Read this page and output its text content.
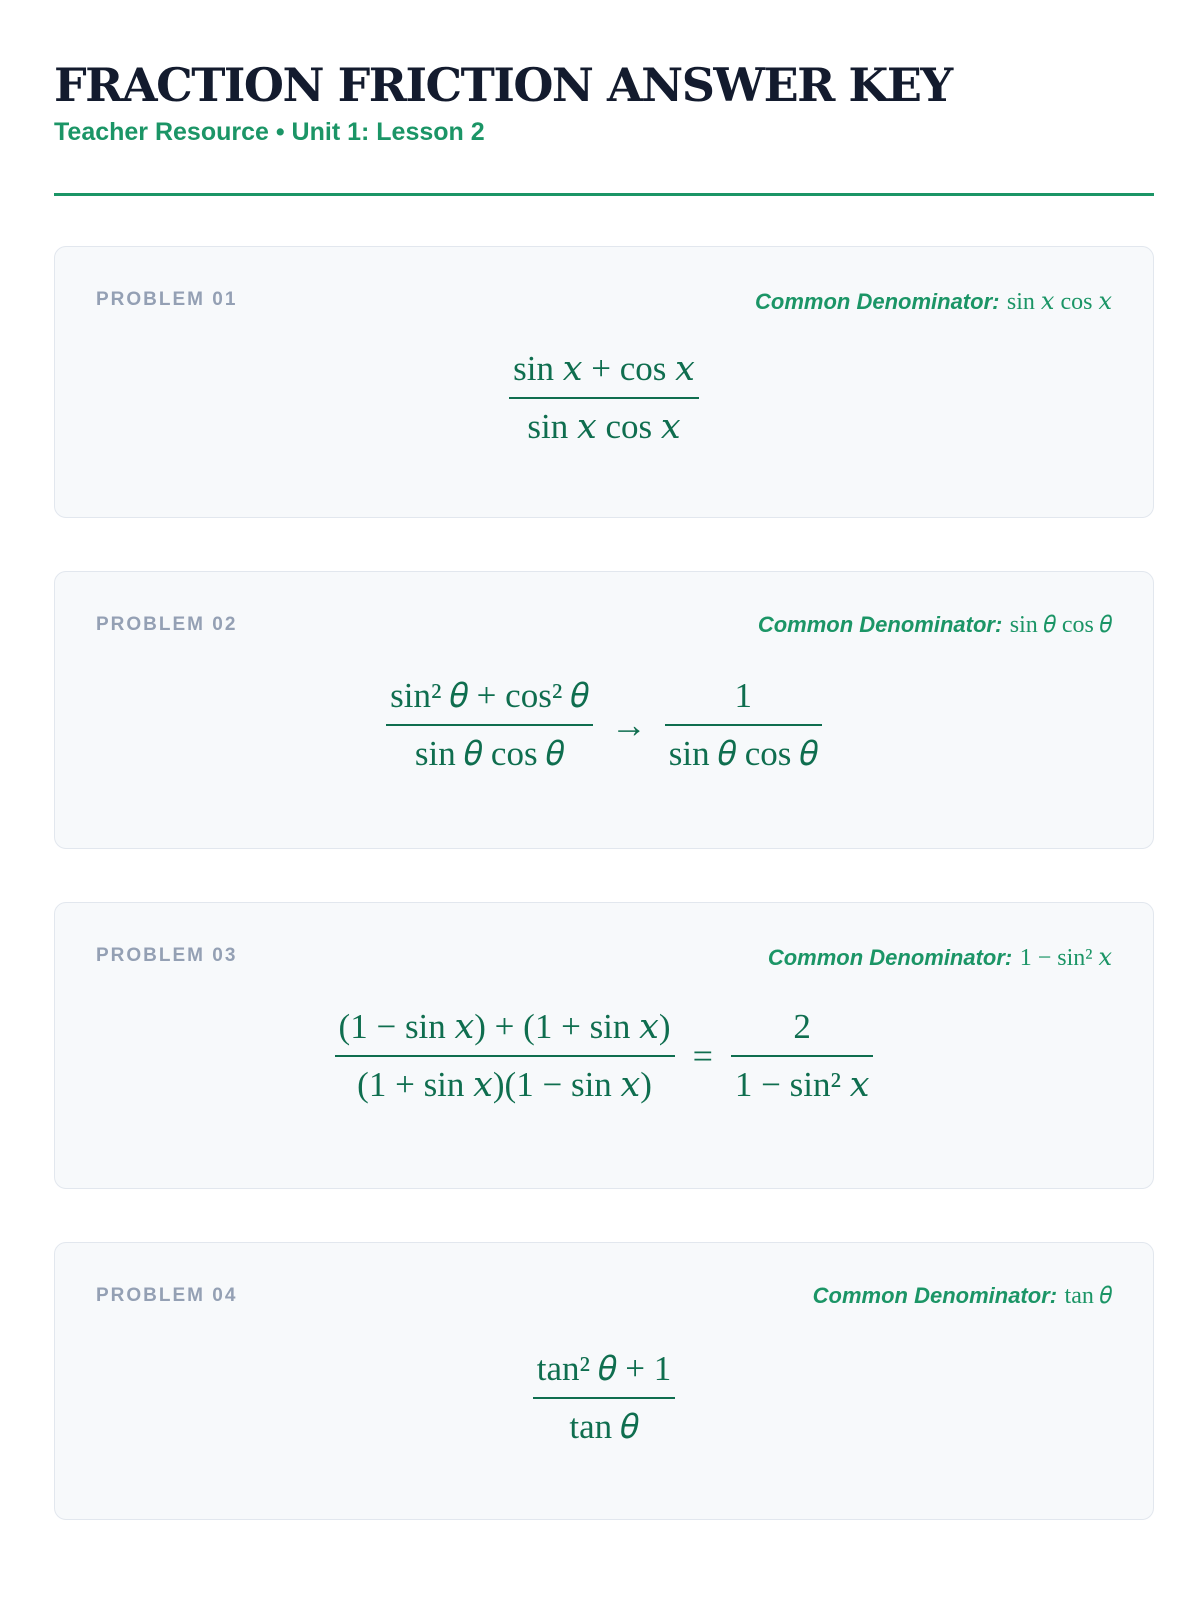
FRACTION FRICTION ANSWER KEY
Teacher Resource • Unit 1: Lesson 2
PROBLEM 01	Common Denominator: sin 𝑥 cos 𝑥
$\frac{\text{sin 𝑥 + cos 𝑥}}{\text{sin 𝑥 cos 𝑥}}$
PROBLEM 02	Common Denominator: sin 𝜃 cos 𝜃
$\frac{\text{sin² 𝜃 + cos² 𝜃}}{\text{sin 𝜃 cos 𝜃}} \to \frac{1}{\text{sin 𝜃 cos 𝜃}}$
PROBLEM 03	Common Denominator: 1 − sin² 𝑥
$\frac{\text{(1 − sin 𝑥) + (1 + sin 𝑥)}}{\text{(1 + sin 𝑥)(1 − sin 𝑥)}} = \frac{2}{\text{1 − sin² 𝑥}}$
PROBLEM 04	Common Denominator: tan 𝜃
$\frac{\text{tan² 𝜃 + 1}}{\text{tan 𝜃}}$
